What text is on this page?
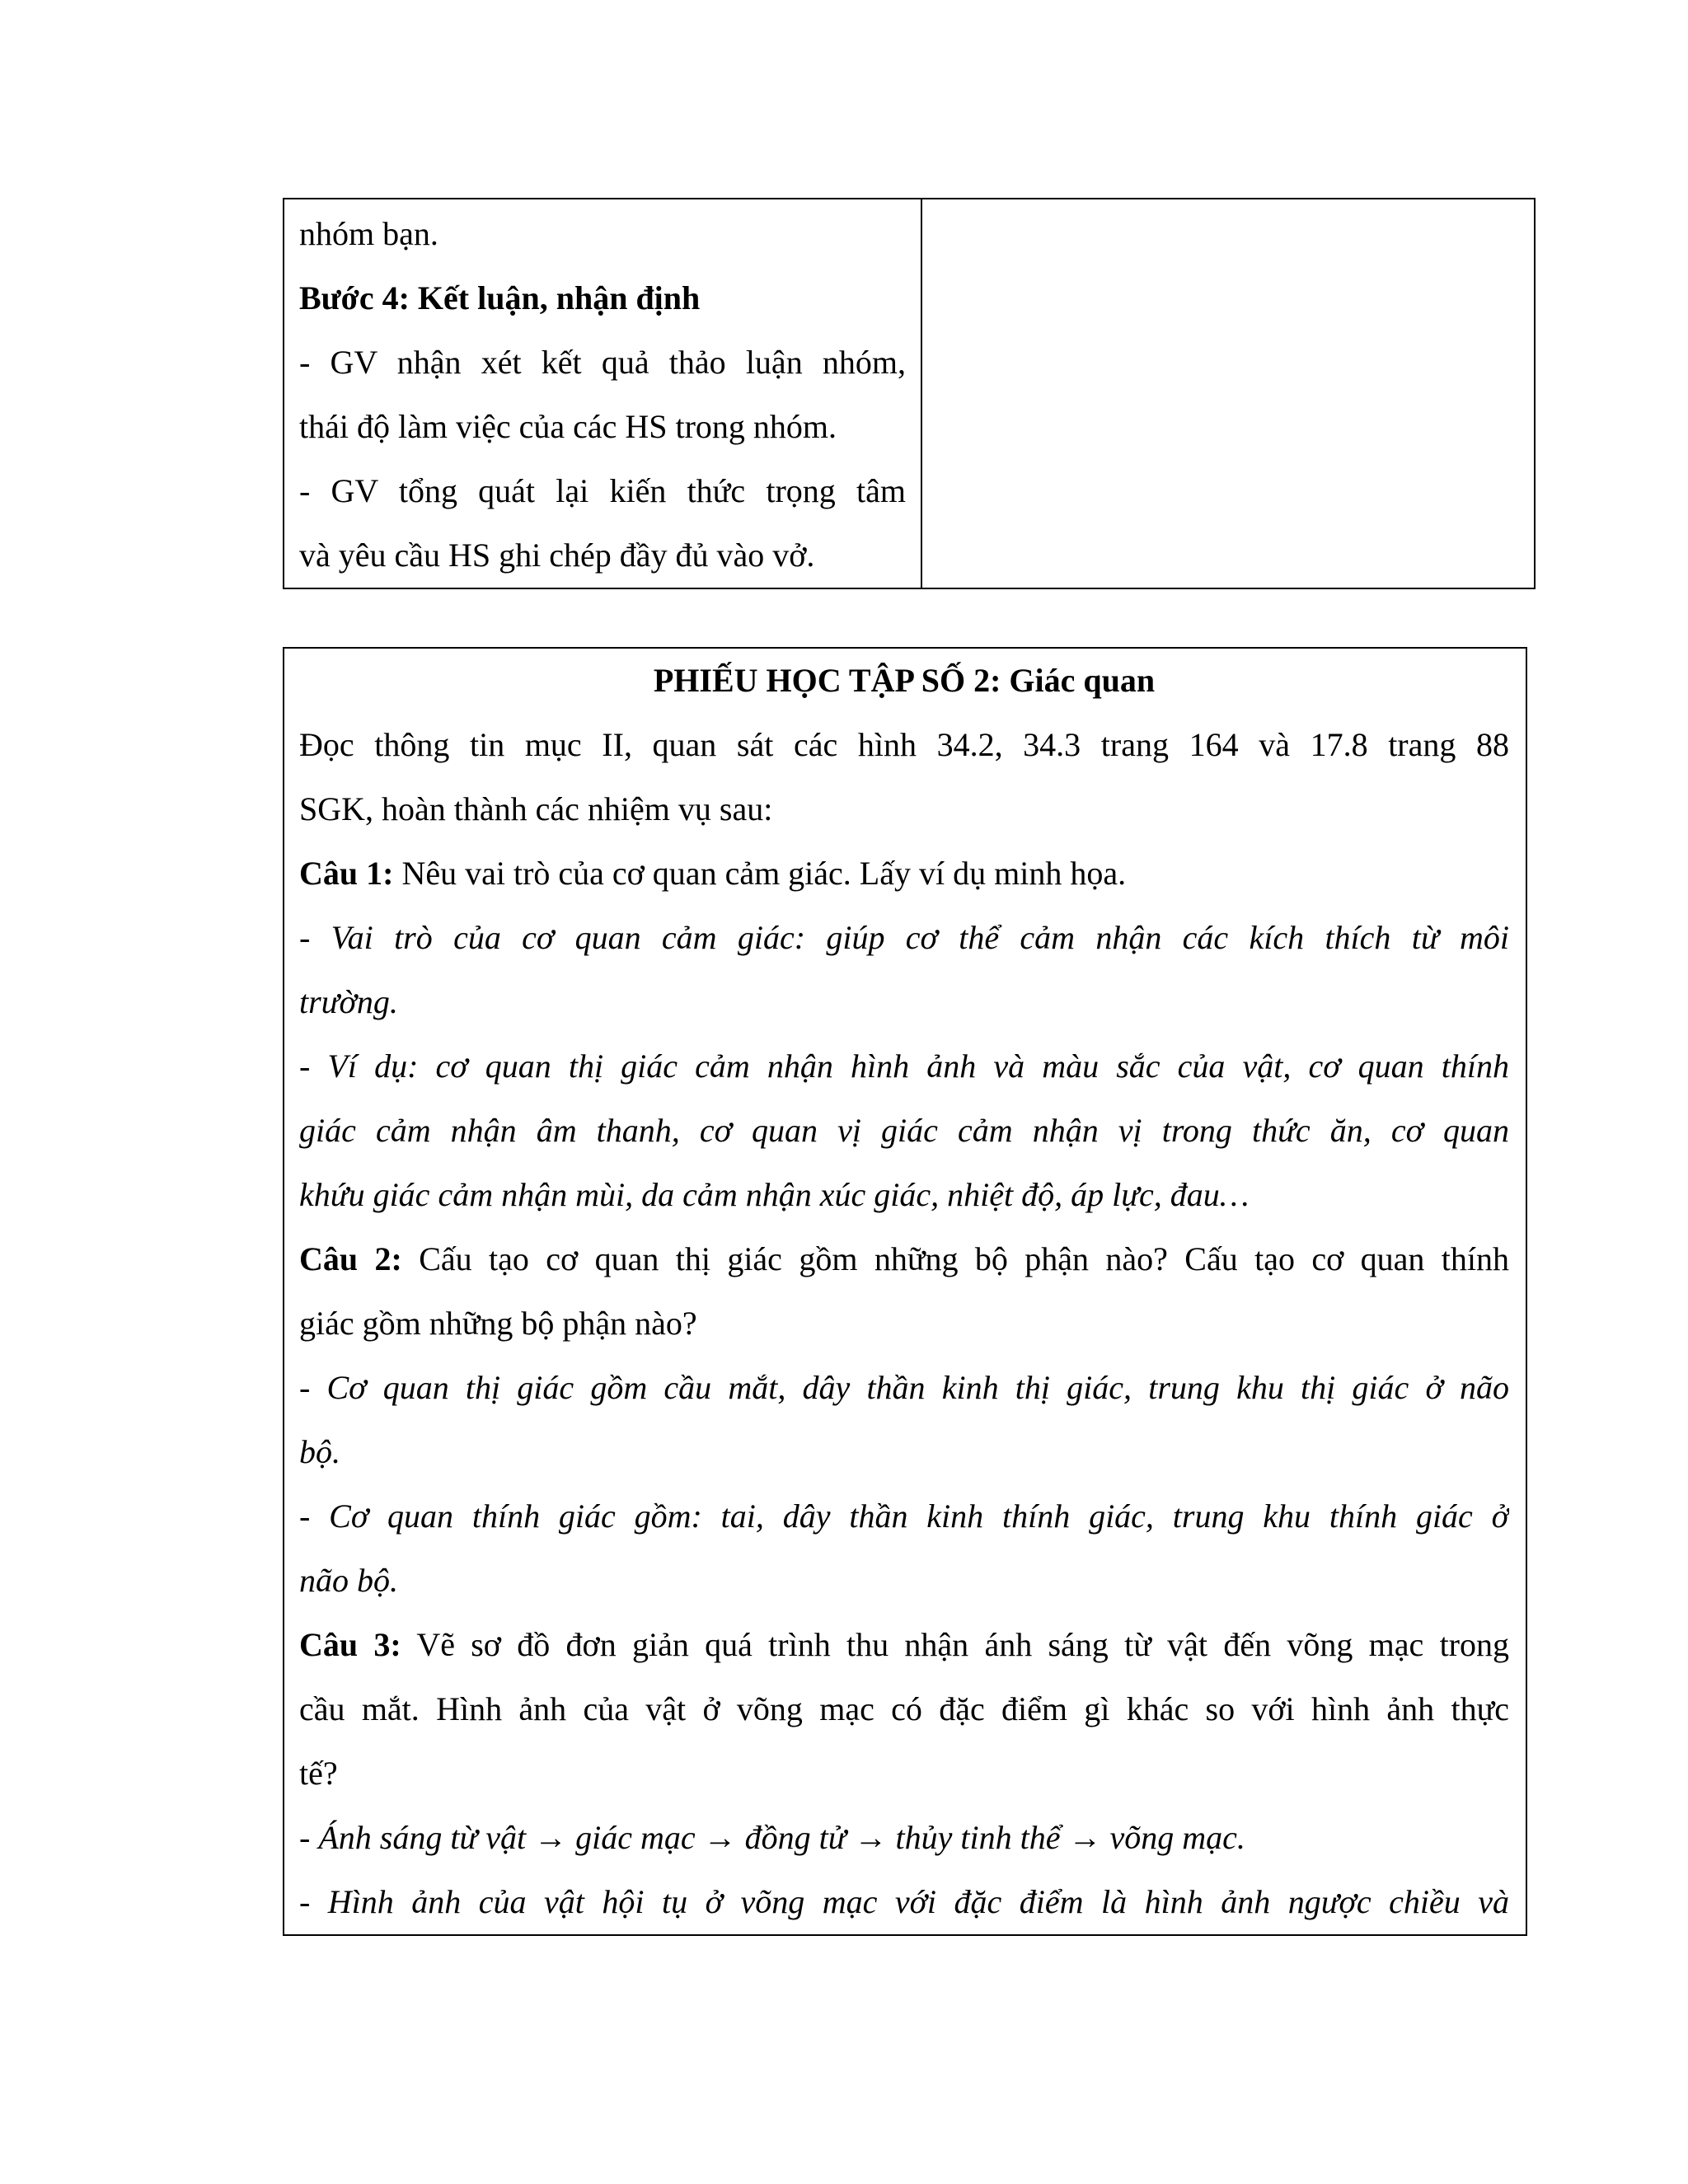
nhóm bạn.
Bước 4: Kết luận, nhận định
- GV nhận xét kết quả thảo luận nhóm,
thái độ làm việc của các HS trong nhóm.
- GV tổng quát lại kiến thức trọng tâm
và yêu cầu HS ghi chép đầy đủ vào vở.

PHIẾU HỌC TẬP SỐ 2: Giác quan
Đọc thông tin mục II, quan sát các hình 34.2, 34.3 trang 164 và 17.8 trang 88
SGK, hoàn thành các nhiệm vụ sau:
Câu 1: Nêu vai trò của cơ quan cảm giác. Lấy ví dụ minh họa.
- Vai trò của cơ quan cảm giác: giúp cơ thể cảm nhận các kích thích từ môi
trường.
- Ví dụ: cơ quan thị giác cảm nhận hình ảnh và màu sắc của vật, cơ quan thính
giác cảm nhận âm thanh, cơ quan vị giác cảm nhận vị trong thức ăn, cơ quan
khứu giác cảm nhận mùi, da cảm nhận xúc giác, nhiệt độ, áp lực, đau…
Câu 2: Cấu tạo cơ quan thị giác gồm những bộ phận nào? Cấu tạo cơ quan thính
giác gồm những bộ phận nào?
- Cơ quan thị giác gồm cầu mắt, dây thần kinh thị giác, trung khu thị giác ở não
bộ.
- Cơ quan thính giác gồm: tai, dây thần kinh thính giác, trung khu thính giác ở
não bộ.
Câu 3: Vẽ sơ đồ đơn giản quá trình thu nhận ánh sáng từ vật đến võng mạc trong
cầu mắt. Hình ảnh của vật ở võng mạc có đặc điểm gì khác so với hình ảnh thực
tế?
- Ánh sáng từ vật → giác mạc → đồng tử → thủy tinh thể → võng mạc.
- Hình ảnh của vật hội tụ ở võng mạc với đặc điểm là hình ảnh ngược chiều và
